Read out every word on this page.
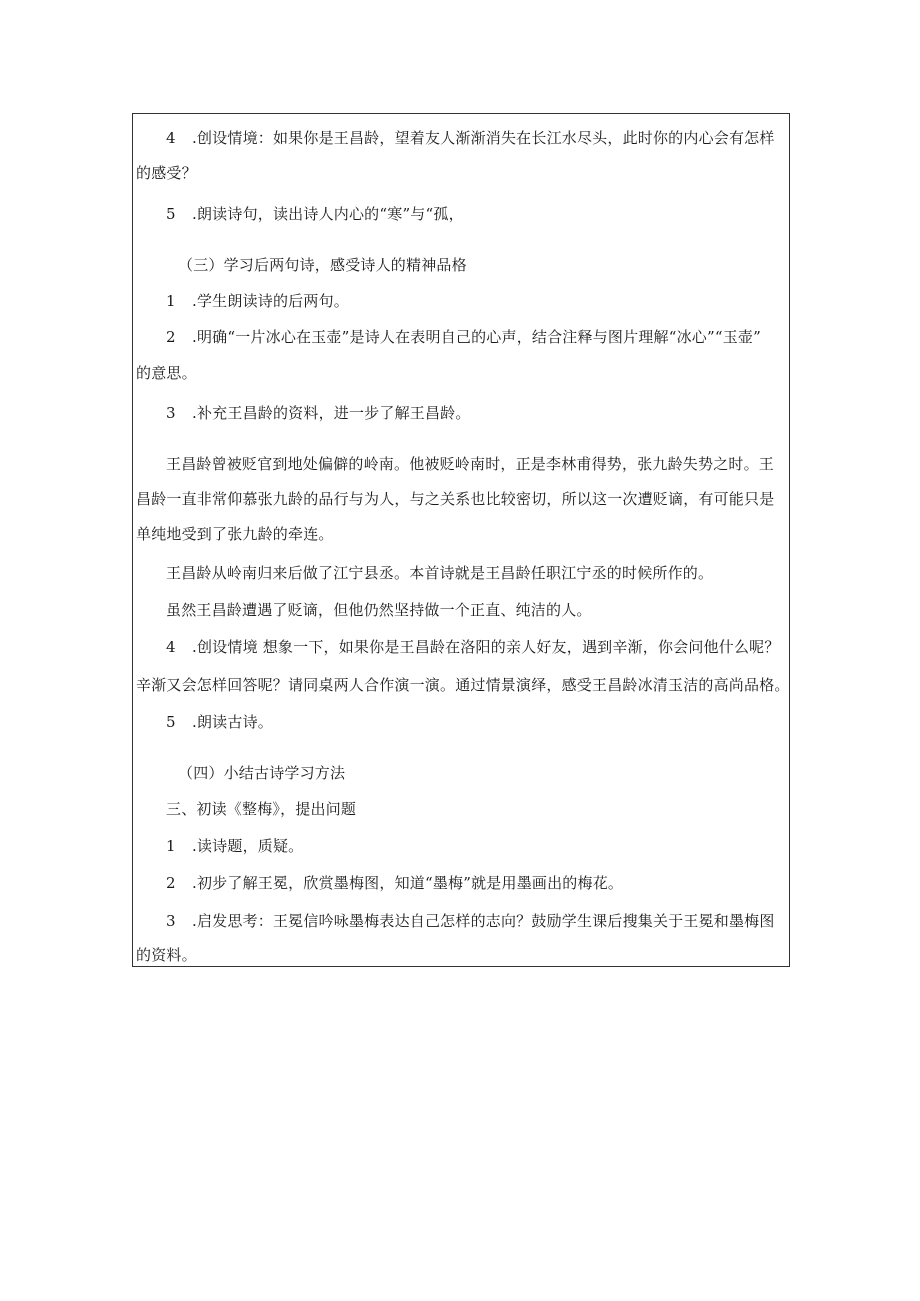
4 .创设情境：如果你是王昌龄，望着友人渐渐消失在长江水尽头，此时你的内心会有怎样
的感受？
5 .朗读诗句，读出诗人内心的“寒”与“孤，
（三）学习后两句诗，感受诗人的精神品格
1 .学生朗读诗的后两句。
2 .明确“一片冰心在玉壶”是诗人在表明自己的心声，结合注释与图片理解“冰心”“玉壶”
的意思。
3 .补充王昌龄的资料，进一步了解王昌龄。
王昌龄曾被贬官到地处偏僻的岭南。他被贬岭南时，正是李林甫得势，张九龄失势之时。王
昌龄一直非常仰慕张九龄的品行与为人，与之关系也比较密切，所以这一次遭贬谪，有可能只是
单纯地受到了张九龄的牵连。
王昌龄从岭南归来后做了江宁县丞。本首诗就是王昌龄任职江宁丞的时候所作的。
虽然王昌龄遭遇了贬谪，但他仍然坚持做一个正直、纯洁的人。
4 .创设情境 想象一下，如果你是王昌龄在洛阳的亲人好友，遇到辛渐，你会问他什么呢？
辛渐又会怎样回答呢？请同桌两人合作演一演。通过情景演绎，感受王昌龄冰清玉洁的高尚品格。
5 .朗读古诗。
（四）小结古诗学习方法
三、初读《整梅》，提出问题
1 .读诗题，质疑。
2 .初步了解王冕，欣赏墨梅图，知道“墨梅”就是用墨画出的梅花。
3 .启发思考：王冕信吟咏墨梅表达自己怎样的志向？鼓励学生课后搜集关于王冕和墨梅图
的资料。
